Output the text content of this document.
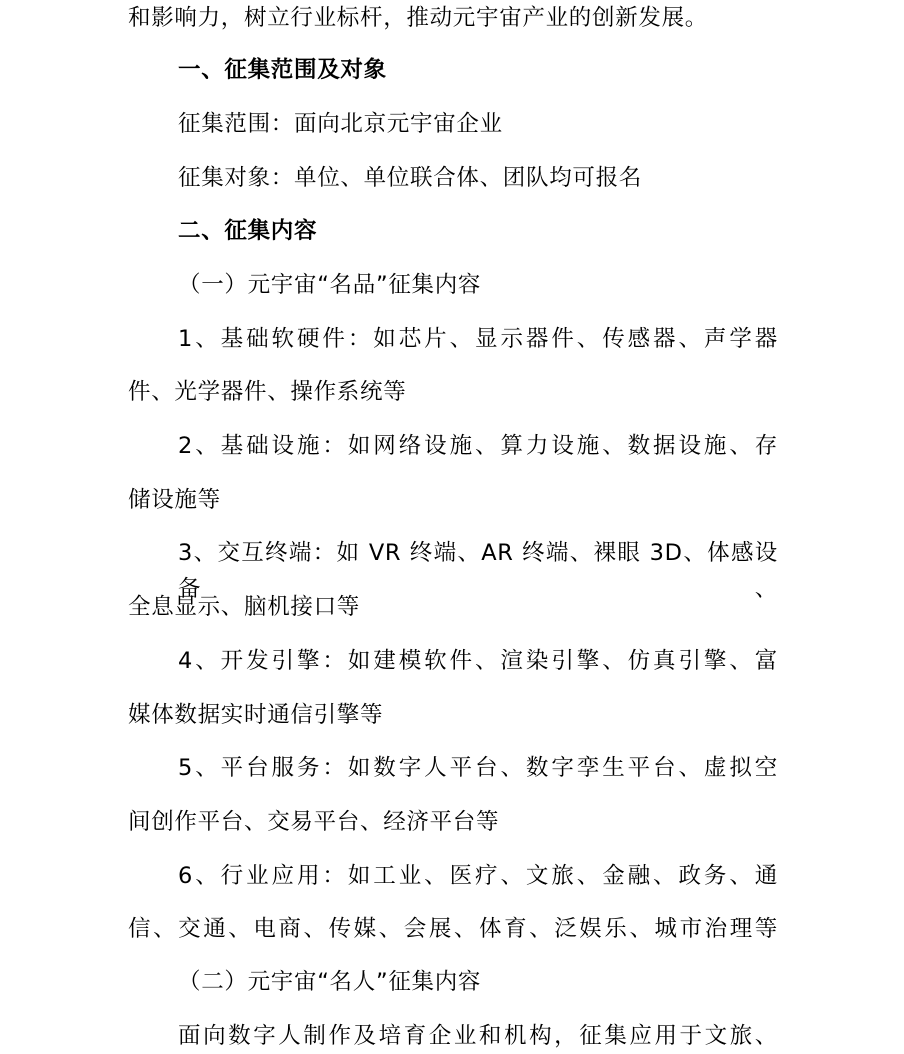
和影响力，树立行业标杆，推动元宇宙产业的创新发展。
一、征集范围及对象
征集范围：面向北京元宇宙企业
征集对象：单位、单位联合体、团队均可报名
二、征集内容
（一）元宇宙“名品”征集内容
1、基础软硬件：如芯片、显示器件、传感器、声学器
件、光学器件、操作系统等
2、基础设施：如网络设施、算力设施、数据设施、存
储设施等
3、交互终端：如 VR 终端、AR 终端、裸眼 3D、体感设备、
全息显示、脑机接口等
4、开发引擎：如建模软件、渲染引擎、仿真引擎、富
媒体数据实时通信引擎等
5、平台服务：如数字人平台、数字孪生平台、虚拟空
间创作平台、交易平台、经济平台等
6、行业应用：如工业、医疗、文旅、金融、政务、通
信、交通、电商、传媒、会展、体育、泛娱乐、城市治理等
（二）元宇宙“名人”征集内容
面向数字人制作及培育企业和机构，征集应用于文旅、
